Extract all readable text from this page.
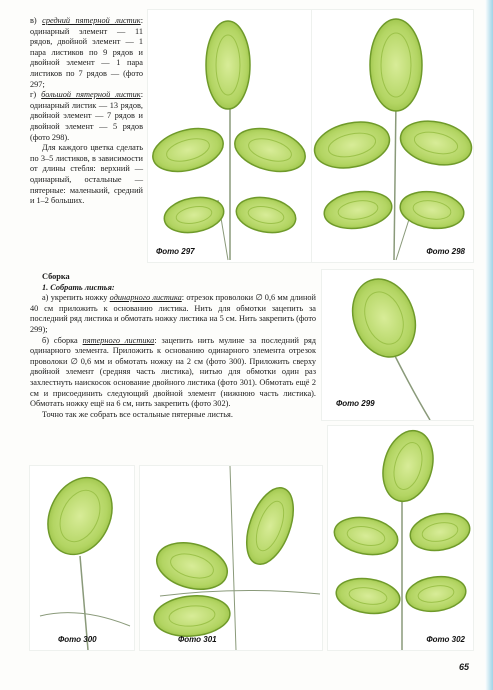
в) средний пятерной листик: одинарный элемент — 11 рядов, двойной элемент — 1 пара листиков по 9 рядов и двойной элемент — 1 пара листиков по 7 рядов — (фото 297;

г) большой пятерной листик: одинарный листик — 13 рядов, двойной элемент — 7 рядов и двойной элемент — 5 рядов (фото 298).

Для каждого цветка сделать по 3–5 листиков, в зависимости от длины стебля: верхний — одинарный, остальные — пятерные: маленький, средний и 1–2 больших.

Сборка

1. Собрать листья:

а) укрепить ножку одинарного листика: отрезок проволоки ∅ 0,6 мм длиной 40 см приложить к основанию листика. Нить для обмотки зацепить за последний ряд листика и обмотать ножку листика на 5 см. Нить закрепить (фото 299);

б) сборка пятерного листика: зацепить нить мулине за последний ряд одинарного элемента. Приложить к основанию одинарного элемента отрезок проволоки ∅ 0,6 мм и обмотать ножку на 2 см (фото 300). Приложить сверху двойной элемент (средняя часть листика), нитью для обмотки один раз захлестнуть наискосок основание двойного листика (фото 301). Обмотать ещё 2 см и присоединить следующий двойной элемент (нижнюю часть листика). Обмотать ножку ещё на 6 см, нить закрепить (фото 302).

Точно так же собрать все остальные пятерные листья.

Фото 297	Фото 298
Фото 299
Фото 300	Фото 301	Фото 302
65
